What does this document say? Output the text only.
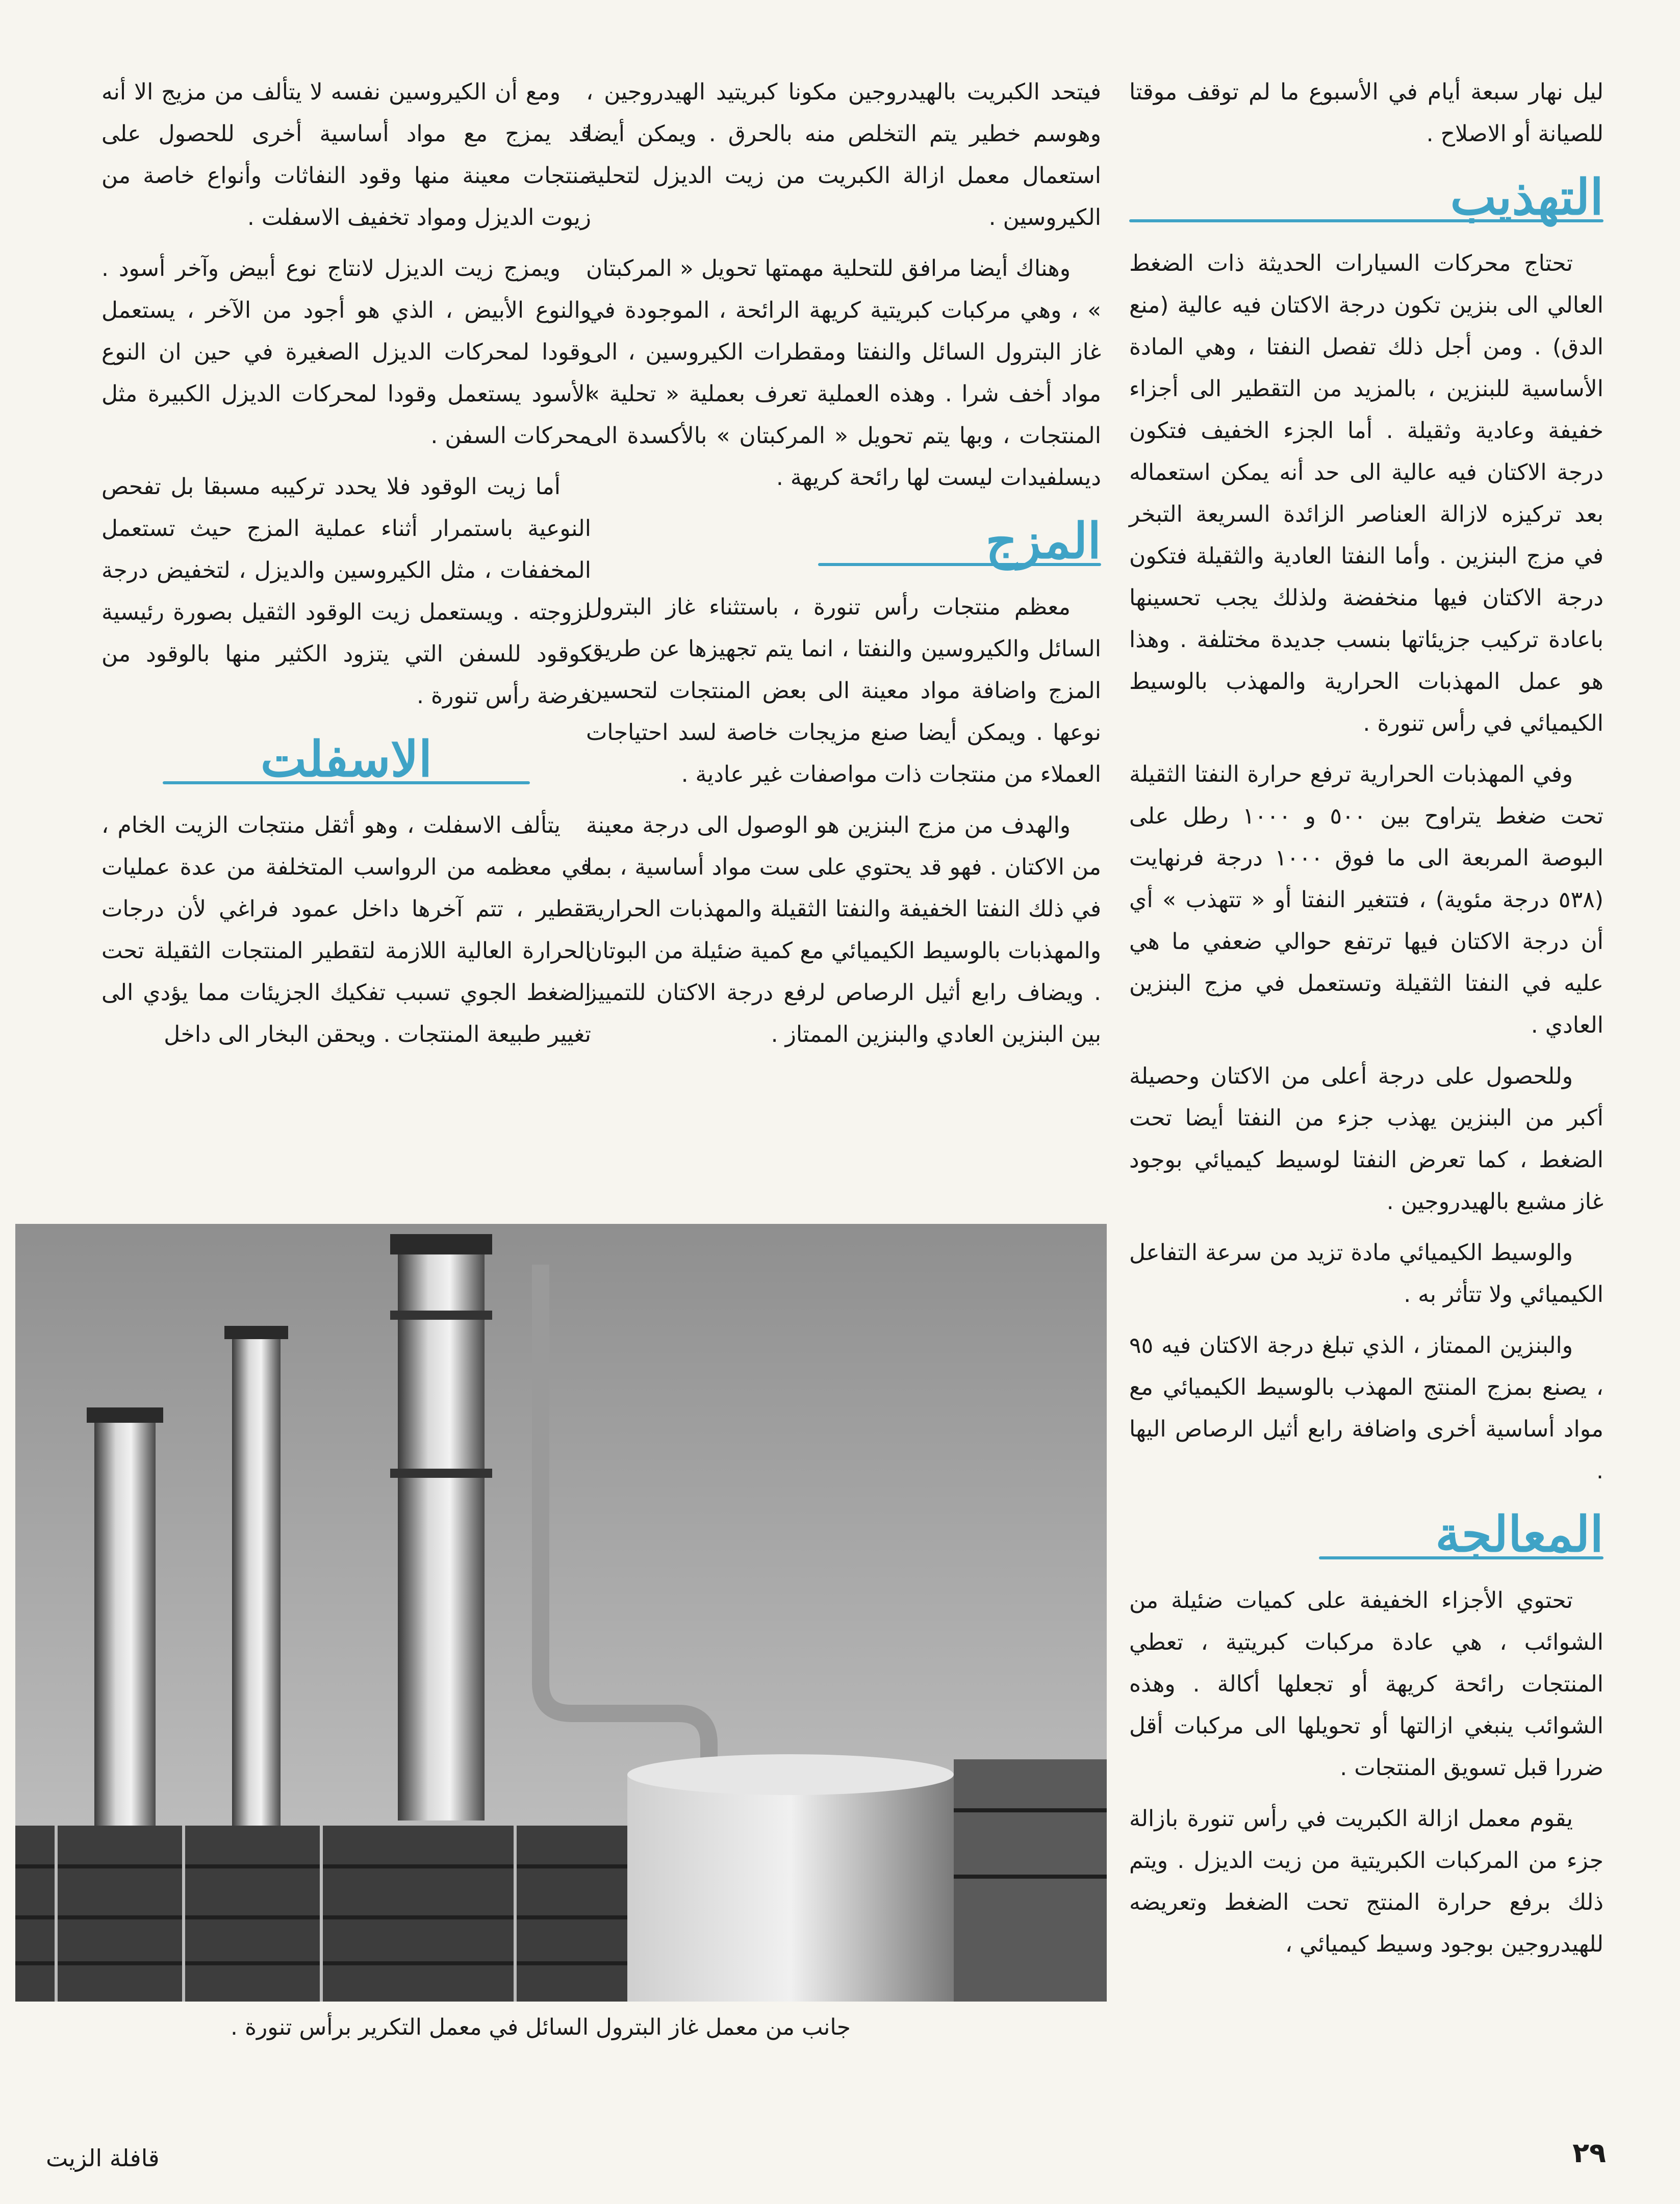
ليل نهار سبعة أيام في الأسبوع ما لم توقف موقتا للصيانة أو الاصلاح .

التهذيب

تحتاج محركات السيارات الحديثة ذات الضغط العالي الى بنزين تكون درجة الاكتان فيه عالية (منع الدق) . ومن أجل ذلك تفصل النفتا ، وهي المادة الأساسية للبنزين ، بالمزيد من التقطير الى أجزاء خفيفة وعادية وثقيلة . أما الجزء الخفيف فتكون درجة الاكتان فيه عالية الى حد أنه يمكن استعماله بعد تركيزه لازالة العناصر الزائدة السريعة التبخر في مزج البنزين . وأما النفتا العادية والثقيلة فتكون درجة الاكتان فيها منخفضة ولذلك يجب تحسينها باعادة تركيب جزيئاتها بنسب جديدة مختلفة . وهذا هو عمل المهذبات الحرارية والمهذب بالوسيط الكيميائي في رأس تنورة .

وفي المهذبات الحرارية ترفع حرارة النفتا الثقيلة تحت ضغط يتراوح بين ٥٠٠ و ١٠٠٠ رطل على البوصة المربعة الى ما فوق ١٠٠٠ درجة فرنهايت (٥٣٨ درجة مئوية) ، فتتغير النفتا أو « تتهذب » أي أن درجة الاكتان فيها ترتفع حوالي ضعفي ما هي عليه في النفتا الثقيلة وتستعمل في مزج البنزين العادي .

وللحصول على درجة أعلى من الاكتان وحصيلة أكبر من البنزين يهذب جزء من النفتا أيضا تحت الضغط ، كما تعرض النفتا لوسيط كيميائي بوجود غاز مشبع بالهيدروجين .

والوسيط الكيميائي مادة تزيد من سرعة التفاعل الكيميائي ولا تتأثر به .

والبنزين الممتاز ، الذي تبلغ درجة الاكتان فيه ٩٥ ، يصنع بمزج المنتج المهذب بالوسيط الكيميائي مع مواد أساسية أخرى واضافة رابع أثيل الرصاص اليها .

المعالجة

تحتوي الأجزاء الخفيفة على كميات ضئيلة من الشوائب ، هي عادة مركبات كبريتية ، تعطي المنتجات رائحة كريهة أو تجعلها أكالة . وهذه الشوائب ينبغي ازالتها أو تحويلها الى مركبات أقل ضررا قبل تسويق المنتجات .

يقوم معمل ازالة الكبريت في رأس تنورة بازالة جزء من المركبات الكبريتية من زيت الديزل . ويتم ذلك برفع حرارة المنتج تحت الضغط وتعريضه للهيدروجين بوجود وسيط كيميائي ،

فيتحد الكبريت بالهيدروجين مكونا كبريتيد الهيدروجين ، وهوسم خطير يتم التخلص منه بالحرق . ويمكن أيضا استعمال معمل ازالة الكبريت من زيت الديزل لتحلية الكيروسين .

وهناك أيضا مرافق للتحلية مهمتها تحويل « المركبتان » ، وهي مركبات كبريتية كريهة الرائحة ، الموجودة في غاز البترول السائل والنفتا ومقطرات الكيروسين ، الى مواد أخف شرا . وهذه العملية تعرف بعملية « تحلية » المنتجات ، وبها يتم تحويل « المركبتان » بالأكسدة الى ديسلفيدات ليست لها رائحة كريهة .

المزج

معظم منتجات رأس تنورة ، باستثناء غاز البترول السائل والكيروسين والنفتا ، انما يتم تجهيزها عن طريق المزج واضافة مواد معينة الى بعض المنتجات لتحسين نوعها . ويمكن أيضا صنع مزيجات خاصة لسد احتياجات العملاء من منتجات ذات مواصفات غير عادية .

والهدف من مزج البنزين هو الوصول الى درجة معينة من الاكتان . فهو قد يحتوي على ست مواد أساسية ، بما في ذلك النفتا الخفيفة والنفتا الثقيلة والمهذبات الحرارية والمهذبات بالوسيط الكيميائي مع كمية ضئيلة من البوتان . ويضاف رابع أثيل الرصاص لرفع درجة الاكتان للتمييز بين البنزين العادي والبنزين الممتاز .

ومع أن الكيروسين نفسه لا يتألف من مزيج الا أنه قد يمزج مع مواد أساسية أخرى للحصول على منتجات معينة منها وقود النفاثات وأنواع خاصة من زيوت الديزل ومواد تخفيف الاسفلت .

ويمزج زيت الديزل لانتاج نوع أبيض وآخر أسود . والنوع الأبيض ، الذي هو أجود من الآخر ، يستعمل وقودا لمحركات الديزل الصغيرة في حين ان النوع الأسود يستعمل وقودا لمحركات الديزل الكبيرة مثل محركات السفن .

أما زيت الوقود فلا يحدد تركيبه مسبقا بل تفحص النوعية باستمرار أثناء عملية المزج حيث تستعمل المخففات ، مثل الكيروسين والديزل ، لتخفيض درجة لزوجته . ويستعمل زيت الوقود الثقيل بصورة رئيسية كوقود للسفن التي يتزود الكثير منها بالوقود من فرضة رأس تنورة .

الاسفلت

يتألف الاسفلت ، وهو أثقل منتجات الزيت الخام ، في معظمه من الرواسب المتخلفة من عدة عمليات تقطير ، تتم آخرها داخل عمود فراغي لأن درجات الحرارة العالية اللازمة لتقطير المنتجات الثقيلة تحت الضغط الجوي تسبب تفكيك الجزيئات مما يؤدي الى تغيير طبيعة المنتجات . ويحقن البخار الى داخل

جانب من معمل غاز البترول السائل في معمل التكرير برأس تنورة .
قافلة الزيت	٢٩
